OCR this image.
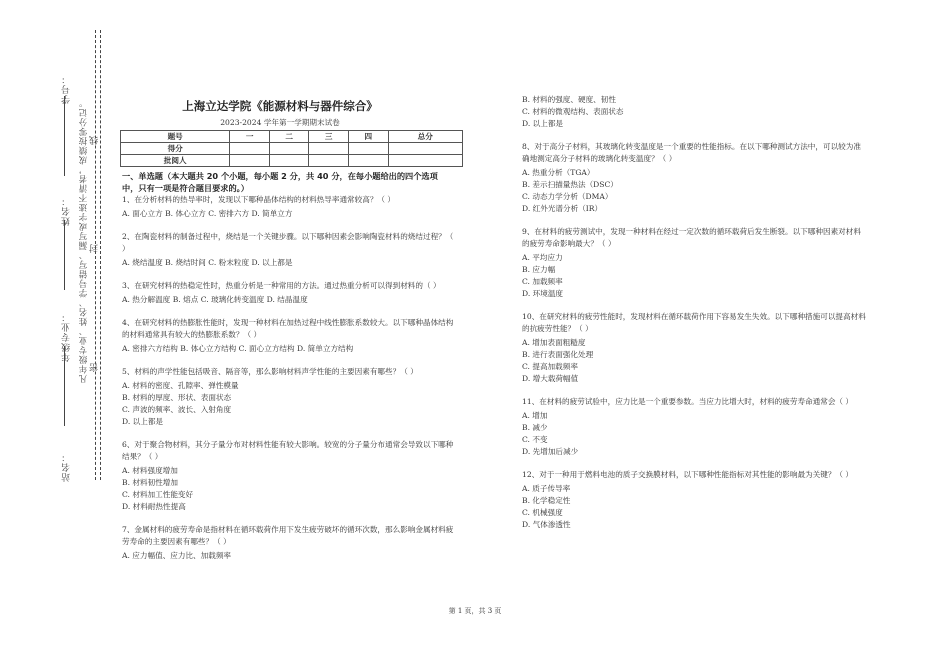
学号：
姓名：
年级专业：
站名：
凡年级专业、姓名、学号错写、漏写或字迹不清者，成绩按零分记。 线
封
密
上海立达学院《能源材料与器件综合》
2023-2024 学年第一学期期末试卷
题号	一	二	三	四	总分
得分					
批阅人					
一、单选题（本大题共 20 个小题，每小题 2 分，共 40 分，在每小题给出的四个选项中，只有一项是符合题目要求的。）
1、在分析材料的热导率时，发现以下哪种晶体结构的材料热导率通常较高？（ ）
A. 面心立方 B. 体心立方 C. 密排六方 D. 简单立方
2、在陶瓷材料的制备过程中，烧结是一个关键步骤。以下哪种因素会影响陶瓷材料的烧结过程？（ ）
A. 烧结温度 B. 烧结时间 C. 粉末粒度 D. 以上都是
3、在研究材料的热稳定性时，热重分析是一种常用的方法。通过热重分析可以得到材料的（ ）
A. 热分解温度 B. 熔点 C. 玻璃化转变温度 D. 结晶温度
4、在研究材料的热膨胀性能时，发现一种材料在加热过程中线性膨胀系数较大。以下哪种晶体结构的材料通常具有较大的热膨胀系数？（ ）
A. 密排六方结构 B. 体心立方结构 C. 面心立方结构 D. 简单立方结构
5、材料的声学性能包括吸音、隔音等，那么影响材料声学性能的主要因素有哪些？（ ）
A. 材料的密度、孔隙率、弹性模量
B. 材料的厚度、形状、表面状态
C. 声波的频率、波长、入射角度
D. 以上都是
6、对于聚合物材料，其分子量分布对材料性能有较大影响。较宽的分子量分布通常会导致以下哪种结果？（ ）
A. 材料强度增加
B. 材料韧性增加
C. 材料加工性能变好
D. 材料耐热性提高
7、金属材料的疲劳寿命是指材料在循环载荷作用下发生疲劳破坏的循环次数，那么影响金属材料疲劳寿命的主要因素有哪些？（ ）
A. 应力幅值、应力比、加载频率
B. 材料的强度、硬度、韧性
C. 材料的微观结构、表面状态
D. 以上都是
8、对于高分子材料，其玻璃化转变温度是一个重要的性能指标。在以下哪种测试方法中，可以较为准确地测定高分子材料的玻璃化转变温度？（ ）
A. 热重分析（TGA）
B. 差示扫描量热法（DSC）
C. 动态力学分析（DMA）
D. 红外光谱分析（IR）
9、在材料的疲劳测试中，发现一种材料在经过一定次数的循环载荷后发生断裂。以下哪种因素对材料的疲劳寿命影响最大？（ ）
A. 平均应力
B. 应力幅
C. 加载频率
D. 环境温度
10、在研究材料的疲劳性能时，发现材料在循环载荷作用下容易发生失效。以下哪种措施可以提高材料的抗疲劳性能？（ ）
A. 增加表面粗糙度
B. 进行表面强化处理
C. 提高加载频率
D. 增大载荷幅值
11、在材料的疲劳试验中，应力比是一个重要参数。当应力比增大时，材料的疲劳寿命通常会（ ）
A. 增加
B. 减少
C. 不变
D. 先增加后减少
12、对于一种用于燃料电池的质子交换膜材料，以下哪种性能指标对其性能的影响最为关键？（ ）
A. 质子传导率
B. 化学稳定性
C. 机械强度
D. 气体渗透性
第 1 页，共 3 页
